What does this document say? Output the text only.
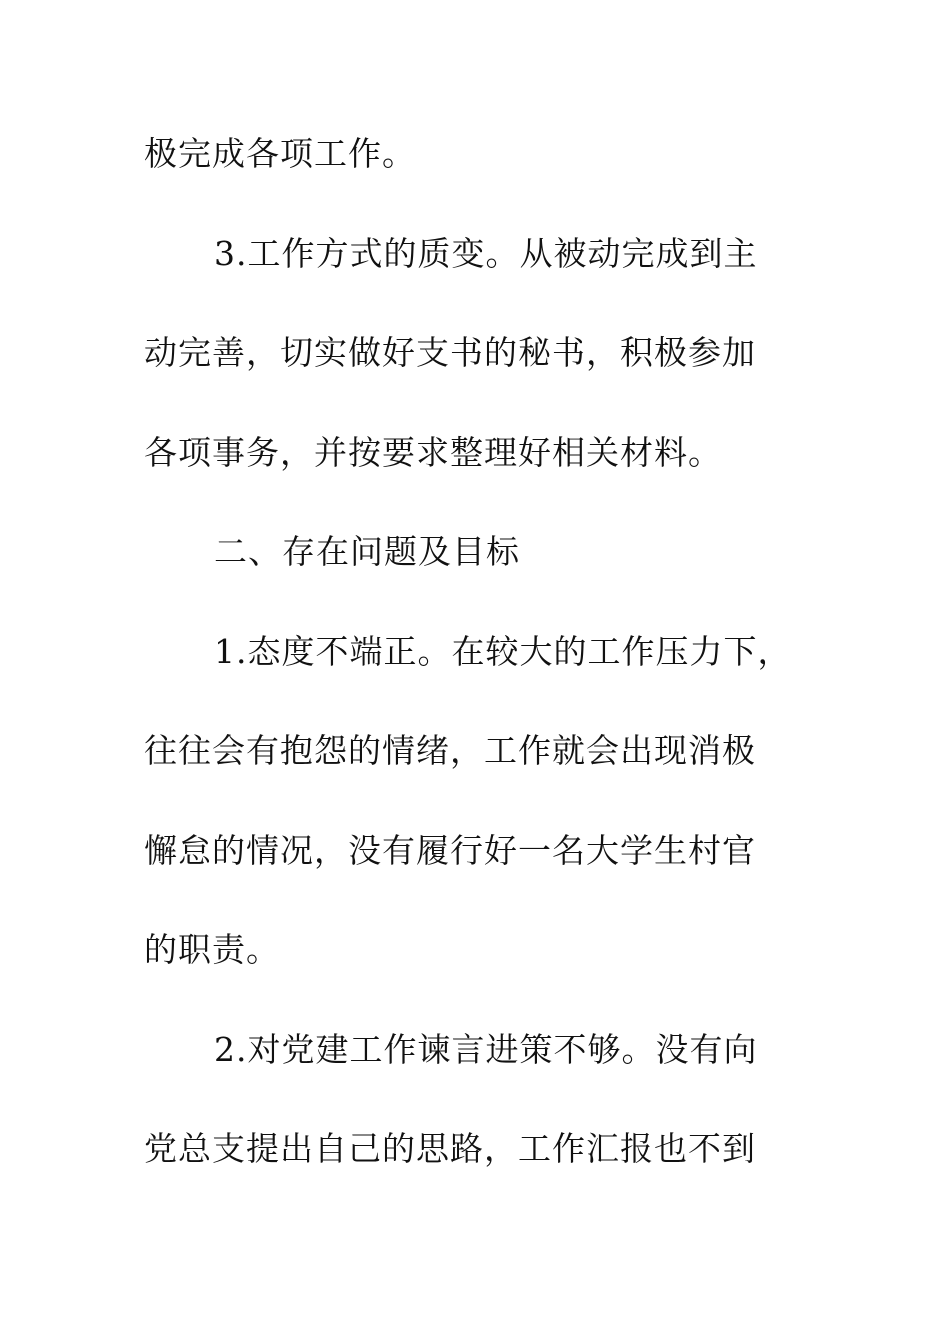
极完成各项工作。
3.工作方式的质变。从被动完成到主
动完善，切实做好支书的秘书，积极参加
各项事务，并按要求整理好相关材料。
二、存在问题及目标
1.态度不端正。在较大的工作压力下，
往往会有抱怨的情绪，工作就会出现消极
懈怠的情况，没有履行好一名大学生村官
的职责。
2.对党建工作谏言进策不够。没有向
党总支提出自己的思路，工作汇报也不到
